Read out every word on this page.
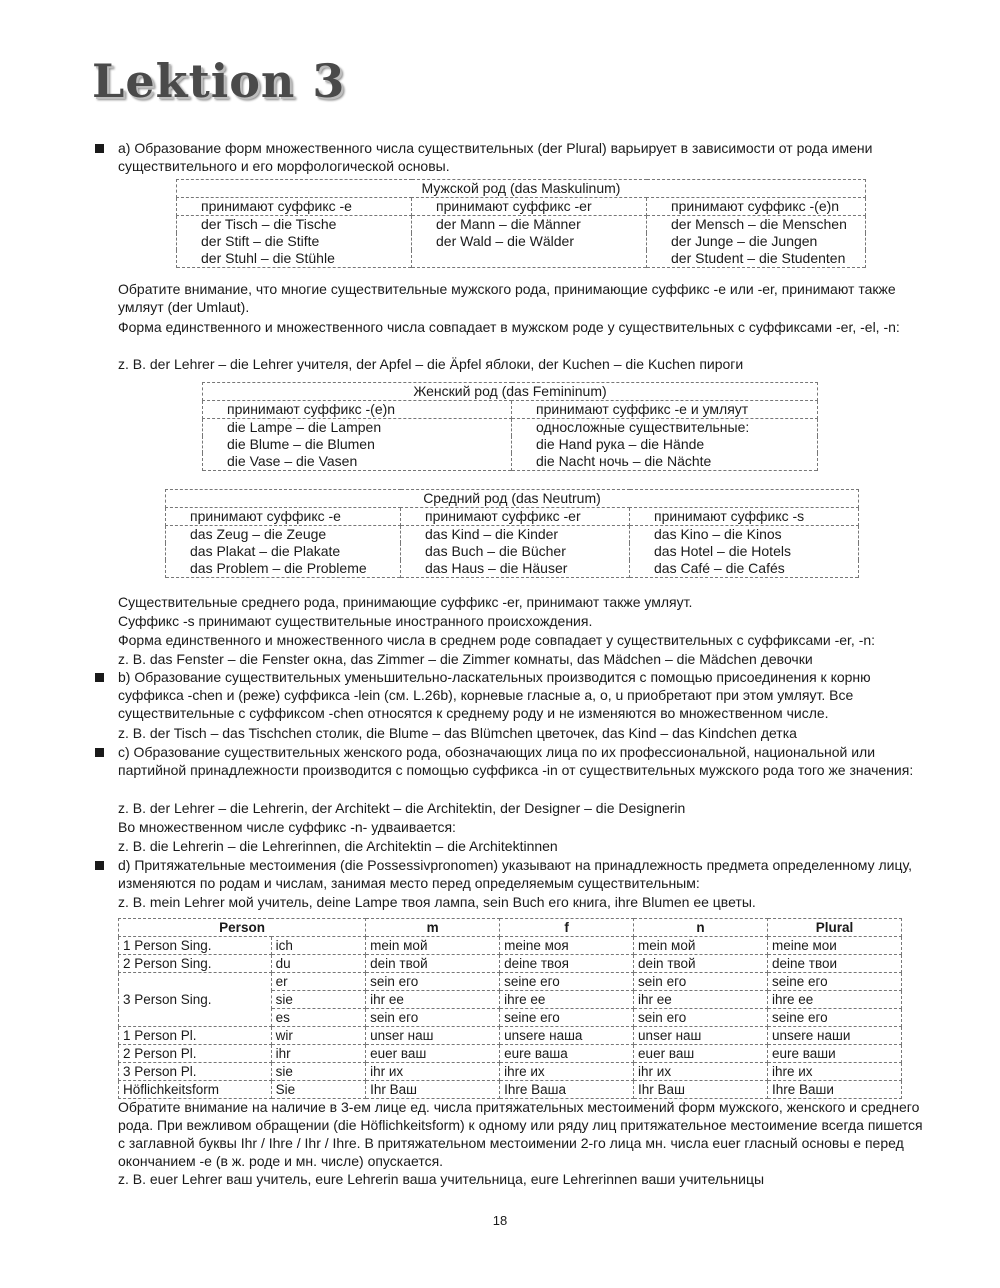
Lektion 3

а) Образование форм множественного числа существительных (der Plural) варьирует в зависимости от рода имени существительного и его морфологической основы.

Мужской род (das Maskulinum)		
принимают суффикс -e	принимают суффикс -er	принимают суффикс -(e)n
der Tisch – die Tische	der Mann – die Männer	der Mensch – die Menschen
der Stift – die Stifte	der Wald – die Wälder	der Junge – die Jungen
der Stuhl – die Stühle		der Student – die Studenten

Обратите внимание, что многие существительные мужского рода, принимающие суффикс -e или -er, принимают также умляут (der Umlaut).

Форма единственного и множественного числа совпадает в мужском роде у существительных с суффиксами -er, -el, -n:

z. B. der Lehrer – die Lehrer учителя, der Apfel – die Äpfel яблоки, der Kuchen – die Kuchen пироги

Женский род (das Femininum)	
принимают суффикс -(e)n	принимают суффикс -e и умляут
die Lampe – die Lampen	односложные существительные:
die Blume – die Blumen	die Hand рука – die Hände
die Vase – die Vasen	die Nacht ночь – die Nächte
Средний род (das Neutrum)		
принимают суффикс -e	принимают суффикс -er	принимают суффикс -s
das Zeug – die Zeuge	das Kind – die Kinder	das Kino – die Kinos
das Plakat – die Plakate	das Buch – die Bücher	das Hotel – die Hotels
das Problem – die Probleme	das Haus – die Häuser	das Café – die Cafés

Существительные среднего рода, принимающие суффикс -er, принимают также умляут.

Суффикс -s принимают существительные иностранного происхождения.

Форма единственного и множественного числа в среднем роде совпадает у существительных с суффиксами -er, -n:

z. B. das Fenster – die Fenster окна, das Zimmer – die Zimmer комнаты, das Mädchen – die Mädchen девочки

b) Образование существительных уменьшительно-ласкательных производится с помощью присоединения к корню суффикса -chen и (реже) суффикса -lein (см. L.26b), корневые гласные a, o, u приобретают при этом умляут. Все существительные с суффиксом -chen относятся к среднему роду и не изменяются во множественном числе.

z. B. der Tisch – das Tischchen столик, die Blume – das Blümchen цветочек, das Kind – das Kindchen детка

c) Образование существительных женского рода, обозначающих лица по их профессиональной, национальной или партийной принадлежности производится с помощью суффикса -in от существительных мужского рода того же значения:

z. B. der Lehrer – die Lehrerin, der Architekt – die Architektin, der Designer – die Designerin

Во множественном числе суффикс -n- удваивается:

z. B. die Lehrerin – die Lehrerinnen, die Architektin – die Architektinnen

d) Притяжательные местоимения (die Possessivpronomen) указывают на принадлежность предмета определенному лицу, изменяются по родам и числам, занимая место перед определяемым существительным:

z. B. mein Lehrer мой учитель, deine Lampe твоя лампа, sein Buch его книга, ihre Blumen ее цветы.

Person		m	f	n	Plural
1 Person Sing.	ich	mein мой	meine моя	mein мой	meine мои
2 Person Sing.	du	dein твой	deine твоя	dein твой	deine твои
3 Person Sing.	er	sein его	seine его	sein его	seine его
	sie	ihr ее	ihre ее	ihr ее	ihre ее
	es	sein его	seine его	sein его	seine его
1 Person Pl.	wir	unser наш	unsere наша	unser наш	unsere наши
2 Person Pl.	ihr	euer ваш	eure ваша	euer ваш	eure ваши
3 Person Pl.	sie	ihr их	ihre их	ihr их	ihre их
Höflichkeitsform	Sie	Ihr Ваш	Ihre Ваша	Ihr Ваш	Ihre Ваши

Обратите внимание на наличие в 3-ем лице ед. числа притяжательных местоимений форм мужского, женского и среднего рода. При вежливом обращении (die Höflichkeitsform) к одному или ряду лиц притяжательное местоимение всегда пишется с заглавной буквы Ihr / Ihre / Ihr / Ihre. В притяжательном местоимении 2-го лица мн. числа euer гласный основы e перед окончанием -e (в ж. роде и мн. числе) опускается.

z. B. euer Lehrer ваш учитель, eure Lehrerin ваша учительница, eure Lehrerinnen ваши учительницы

18
